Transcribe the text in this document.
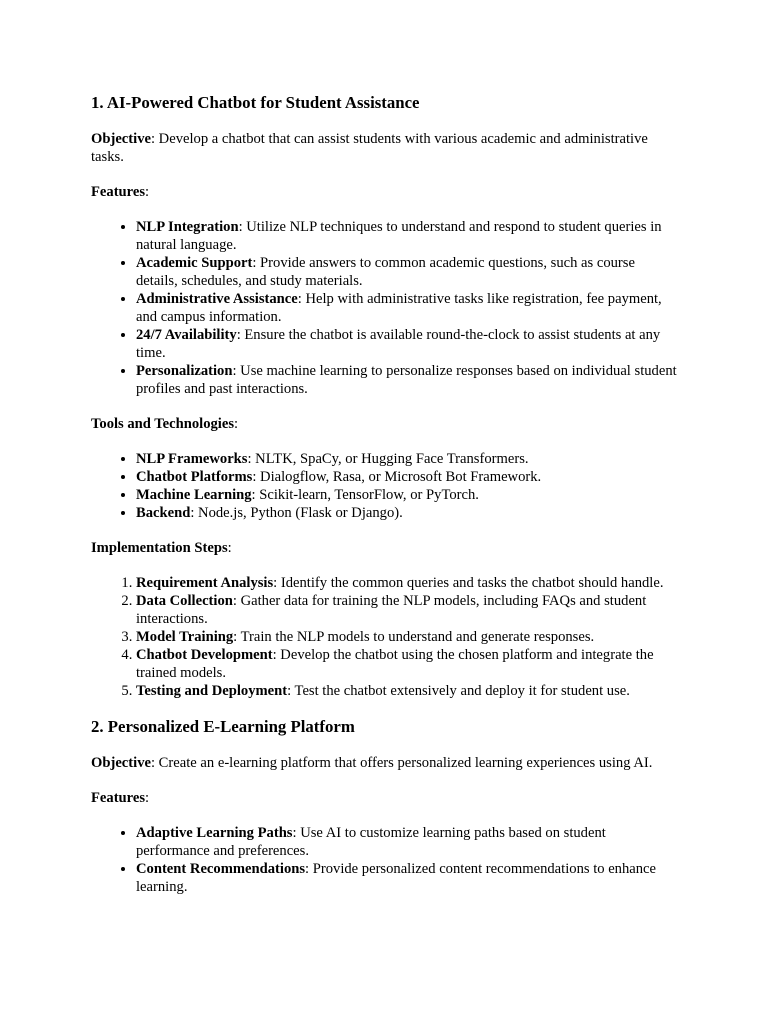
1. AI-Powered Chatbot for Student Assistance

Objective: Develop a chatbot that can assist students with various academic and administrative tasks.

Features:

• NLP Integration: Utilize NLP techniques to understand and respond to student queries in natural language.
• Academic Support: Provide answers to common academic questions, such as course details, schedules, and study materials.
• Administrative Assistance: Help with administrative tasks like registration, fee payment, and campus information.
• 24/7 Availability: Ensure the chatbot is available round-the-clock to assist students at any time.
• Personalization: Use machine learning to personalize responses based on individual student profiles and past interactions.

Tools and Technologies:

• NLP Frameworks: NLTK, SpaCy, or Hugging Face Transformers.
• Chatbot Platforms: Dialogflow, Rasa, or Microsoft Bot Framework.
• Machine Learning: Scikit-learn, TensorFlow, or PyTorch.
• Backend: Node.js, Python (Flask or Django).

Implementation Steps:

1. Requirement Analysis: Identify the common queries and tasks the chatbot should handle.
2. Data Collection: Gather data for training the NLP models, including FAQs and student interactions.
3. Model Training: Train the NLP models to understand and generate responses.
4. Chatbot Development: Develop the chatbot using the chosen platform and integrate the trained models.
5. Testing and Deployment: Test the chatbot extensively and deploy it for student use.
2. Personalized E-Learning Platform

Objective: Create an e-learning platform that offers personalized learning experiences using AI.

Features:

• Adaptive Learning Paths: Use AI to customize learning paths based on student performance and preferences.
• Content Recommendations: Provide personalized content recommendations to enhance learning.
